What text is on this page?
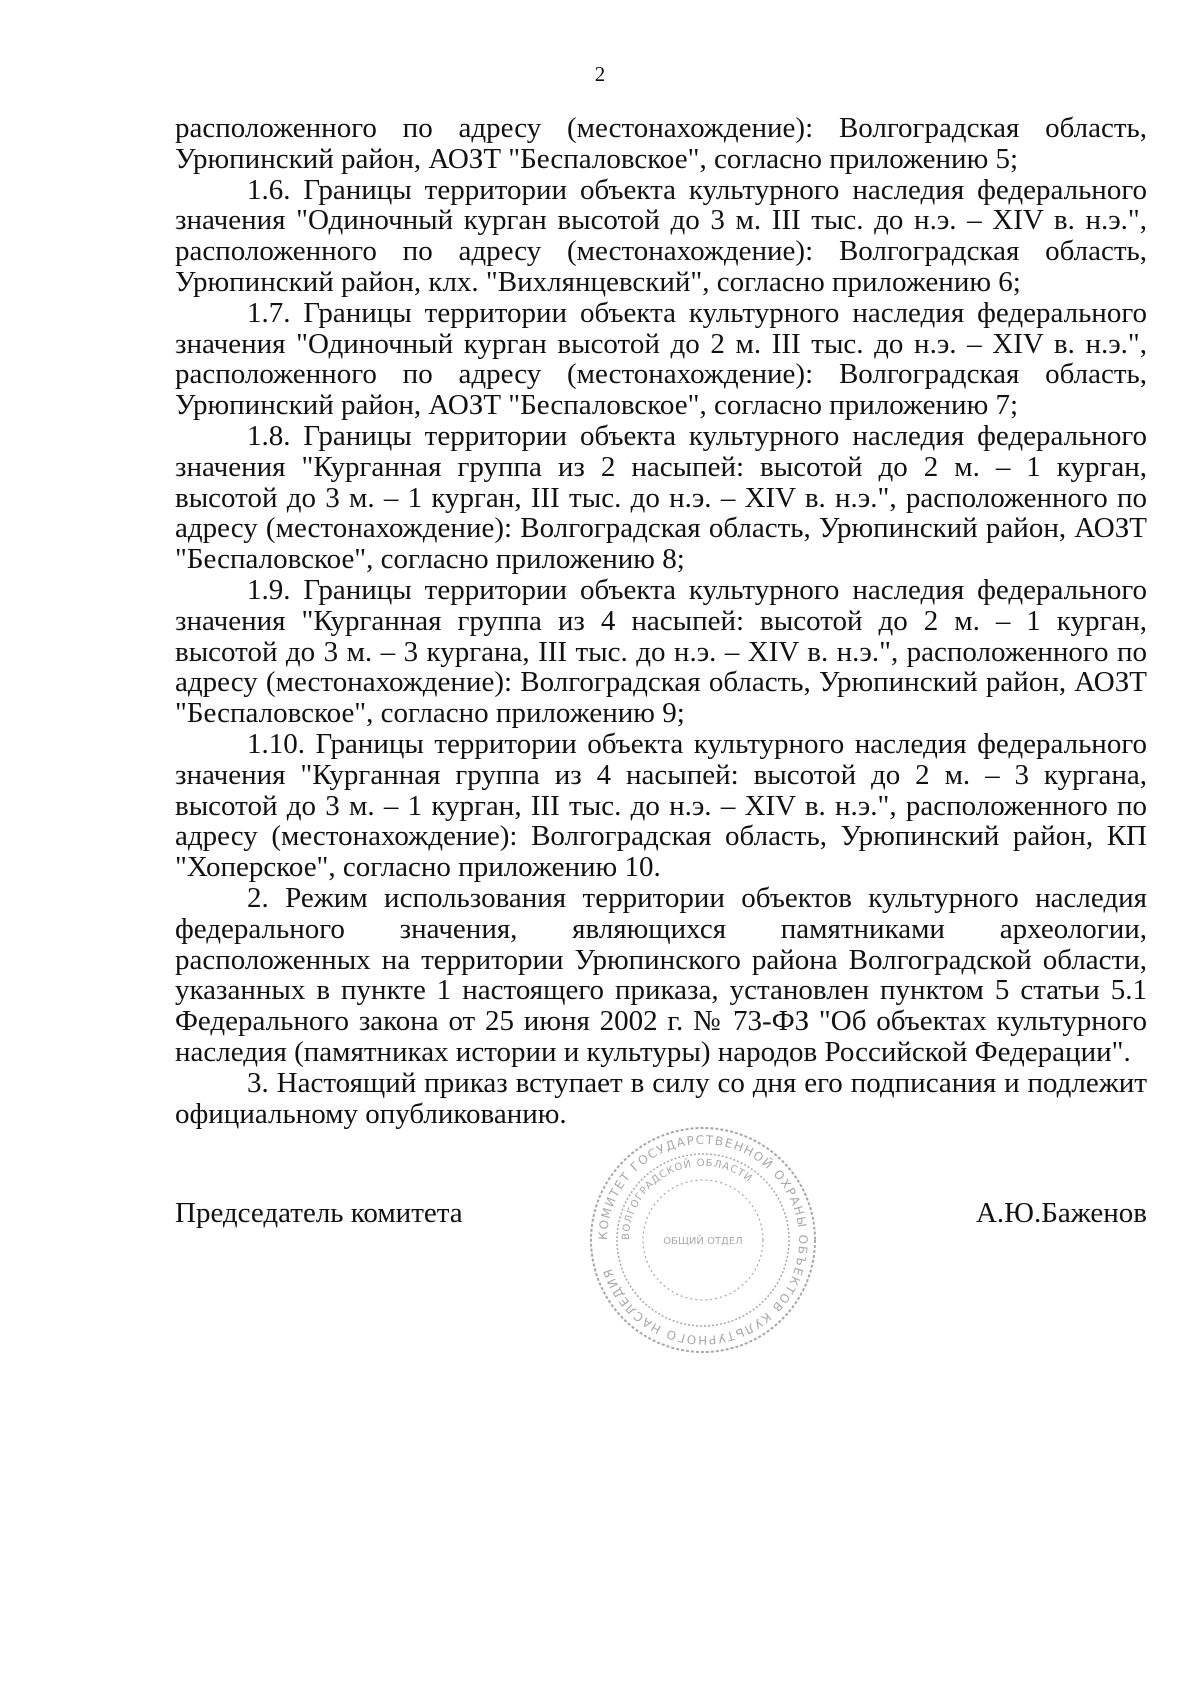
2

расположенного по адресу (местонахождение): Волгоградская область, Урюпинский район, АОЗТ "Беспаловское", согласно приложению 5;

1.6. Границы территории объекта культурного наследия федерального значения "Одиночный курган высотой до 3 м. III тыс. до н.э. – XIV в. н.э.", расположенного по адресу (местонахождение): Волгоградская область, Урюпинский район, клх. "Вихлянцевский", согласно приложению 6;

1.7. Границы территории объекта культурного наследия федерального значения "Одиночный курган высотой до 2 м. III тыс. до н.э. – XIV в. н.э.", расположенного по адресу (местонахождение): Волгоградская область, Урюпинский район, АОЗТ "Беспаловское", согласно приложению 7;

1.8. Границы территории объекта культурного наследия федерального значения "Курганная группа из 2 насыпей: высотой до 2 м. – 1 курган, высотой до 3 м. – 1 курган, III тыс. до н.э. – XIV в. н.э.", расположенного по адресу (местонахождение): Волгоградская область, Урюпинский район, АОЗТ "Беспаловское", согласно приложению 8;

1.9. Границы территории объекта культурного наследия федерального значения "Курганная группа из 4 насыпей: высотой до 2 м. – 1 курган, высотой до 3 м. – 3 кургана, III тыс. до н.э. – XIV в. н.э.", расположенного по адресу (местонахождение): Волгоградская область, Урюпинский район, АОЗТ "Беспаловское", согласно приложению 9;

1.10. Границы территории объекта культурного наследия федерального значения "Курганная группа из 4 насыпей: высотой до 2 м. – 3 кургана, высотой до 3 м. – 1 курган, III тыс. до н.э. – XIV в. н.э.", расположенного по адресу (местонахождение): Волгоградская область, Урюпинский район, КП "Хоперское", согласно приложению 10.

2. Режим использования территории объектов культурного наследия федерального значения, являющихся памятниками археологии, расположенных на территории Урюпинского района Волгоградской области, указанных в пункте 1 настоящего приказа, установлен пунктом 5 статьи 5.1 Федерального закона от 25 июня 2002 г. № 73-ФЗ "Об объектах культурного наследия (памятниках истории и культуры) народов Российской Федерации".

3. Настоящий приказ вступает в силу со дня его подписания и подлежит официальному опубликованию.

Председатель комитета	А.Ю.Баженов
КОМИТЕТ ГОСУДАРСТВЕННОЙ ОХРАНЫ ОБЪЕКТОВ КУЛЬТУРНОГО НАСЛЕДИЯ
ВОЛГОГРАДСКОЙ ОБЛАСТИ
ОБЩИЙ ОТДЕЛ
